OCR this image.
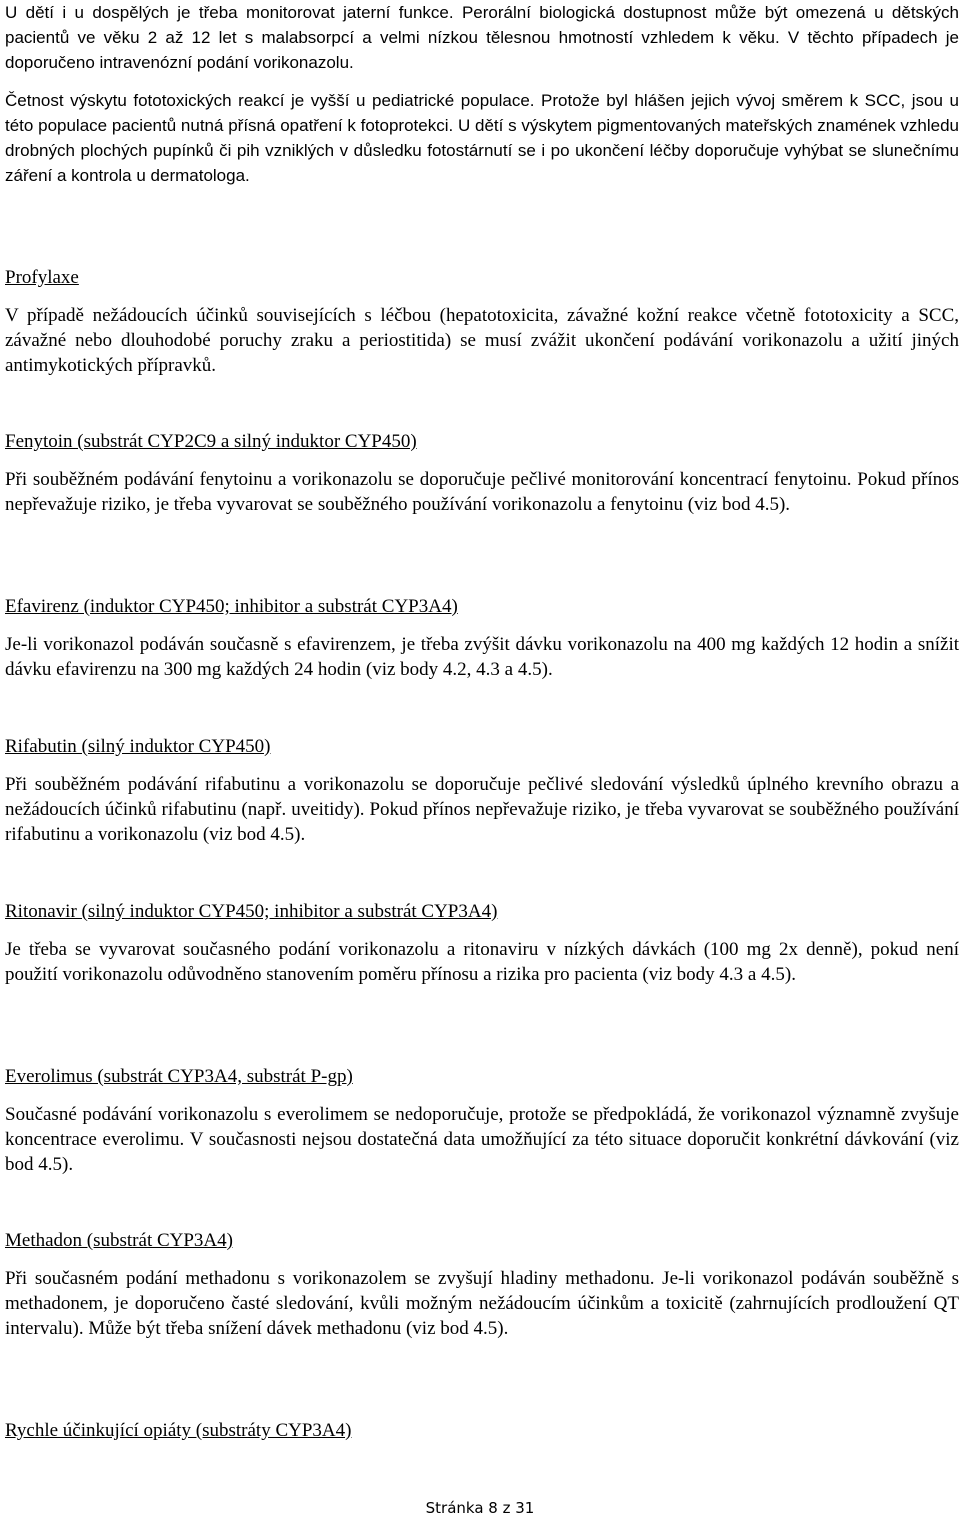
U dětí i u dospělých je třeba monitorovat jaterní funkce. Perorální biologická dostupnost může být omezená u dětských pacientů ve věku 2 až 12 let s malabsorpcí a velmi nízkou tělesnou hmotností vzhledem k věku. V těchto případech je doporučeno intravenózní podání vorikonazolu.

Četnost výskytu fototoxických reakcí je vyšší u pediatrické populace. Protože byl hlášen jejich vývoj směrem k SCC, jsou u této populace pacientů nutná přísná opatření k fotoprotekci. U dětí s výskytem pigmentovaných mateřských znamének vzhledu drobných plochých pupínků či pih vzniklých v důsledku fotostárnutí se i po ukončení léčby doporučuje vyhýbat se slunečnímu záření a kontrola u dermatologa.

Profylaxe

V případě nežádoucích účinků souvisejících s léčbou (hepatotoxicita, závažné kožní reakce včetně fototoxicity a SCC, závažné nebo dlouhodobé poruchy zraku a periostitida) se musí zvážit ukončení podávání vorikonazolu a užití jiných antimykotických přípravků.

Fenytoin (substrát CYP2C9 a silný induktor CYP450)

Při souběžném podávání fenytoinu a vorikonazolu se doporučuje pečlivé monitorování koncentrací fenytoinu. Pokud přínos nepřevažuje riziko, je třeba vyvarovat se souběžného používání vorikonazolu a fenytoinu (viz bod 4.5).

Efavirenz (induktor CYP450; inhibitor a substrát CYP3A4)

Je-li vorikonazol podáván současně s efavirenzem, je třeba zvýšit dávku vorikonazolu na 400 mg každých 12 hodin a snížit dávku efavirenzu na 300 mg každých 24 hodin (viz body 4.2, 4.3 a 4.5).

Rifabutin (silný induktor CYP450)

Při souběžném podávání rifabutinu a vorikonazolu se doporučuje pečlivé sledování výsledků úplného krevního obrazu a nežádoucích účinků rifabutinu (např. uveitidy). Pokud přínos nepřevažuje riziko, je třeba vyvarovat se souběžného používání rifabutinu a vorikonazolu (viz bod 4.5).

Ritonavir (silný induktor CYP450; inhibitor a substrát CYP3A4)

Je třeba se vyvarovat současného podání vorikonazolu a ritonaviru v nízkých dávkách (100 mg 2x denně), pokud není použití vorikonazolu odůvodněno stanovením poměru přínosu a rizika pro pacienta (viz body 4.3 a 4.5).

Everolimus (substrát CYP3A4, substrát P-gp)

Současné podávání vorikonazolu s everolimem se nedoporučuje, protože se předpokládá, že vorikonazol významně zvyšuje koncentrace everolimu. V současnosti nejsou dostatečná data umožňující za této situace doporučit konkrétní dávkování (viz bod 4.5).

Methadon (substrát CYP3A4)

Při současném podání methadonu s vorikonazolem se zvyšují hladiny methadonu. Je-li vorikonazol podáván souběžně s methadonem, je doporučeno časté sledování, kvůli možným nežádoucím účinkům a toxicitě (zahrnujících prodloužení QT intervalu). Může být třeba snížení dávek methadonu (viz bod 4.5).

Rychle účinkující opiáty (substráty CYP3A4)

Stránka 8 z 31
